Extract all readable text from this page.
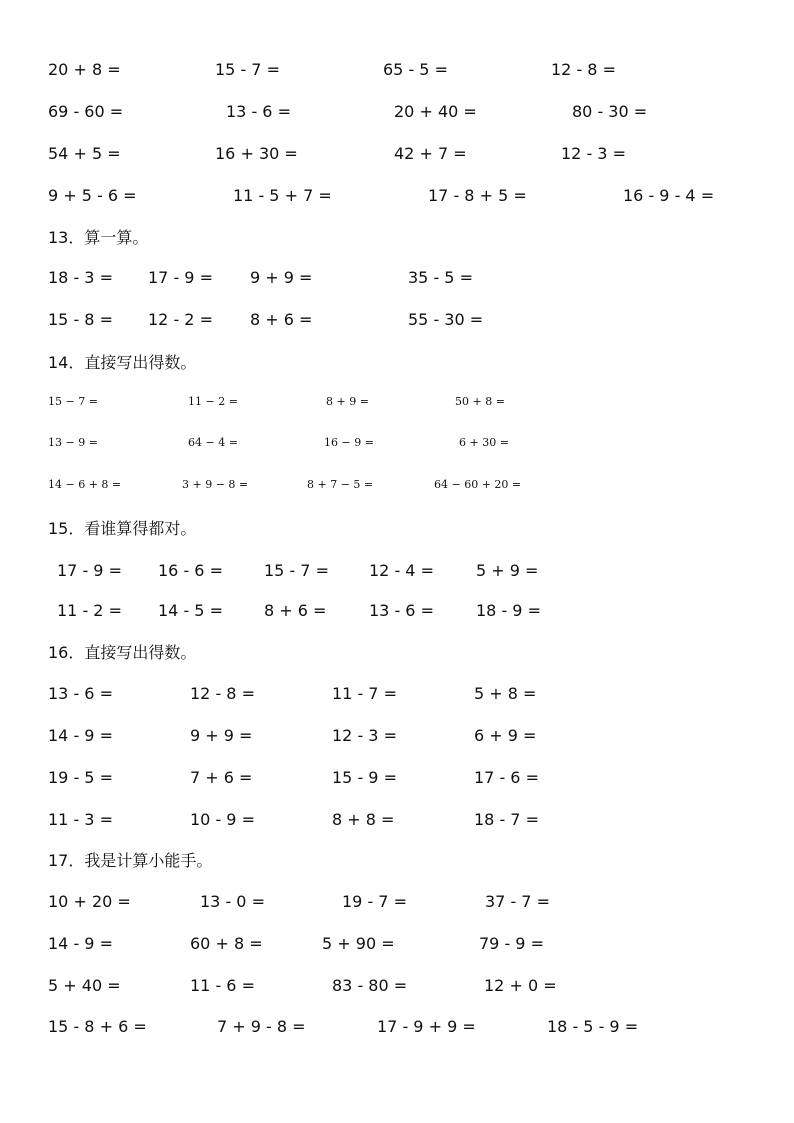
20 + 8 =	15 - 7 =	65 - 5 =	12 - 8 =
69 - 60 =	13 - 6 =	20 + 40 =	80 - 30 =
54 + 5 =	16 + 30 =	42 + 7 =	12 - 3 =
9 + 5 - 6 =	11 - 5 + 7 =	17 - 8 + 5 =	16 - 9 - 4 =
13．算一算。
18 - 3 = 17 - 9 = 9 + 9 =	35 - 5 =
15 - 8 = 12 - 2 = 8 + 6 =	55 - 30 =
14．直接写出得数。
15 − 7 =	11 − 2 =	8 + 9 =	50 + 8 =
13 − 9 =	64 − 4 =	16 − 9 =	6 + 30 =
14 − 6 + 8 =	3 + 9 − 8 =	8 + 7 − 5 =	64 − 60 + 20 =
15．看谁算得都对。
17 - 9 = 16 - 6 =	15 - 7 =	12 - 4 =	5 + 9 =
11 - 2 = 14 - 5 =	8 + 6 =	13 - 6 =	18 - 9 =
16．直接写出得数。
13 - 6 =	12 - 8 =	11 - 7 =	5 + 8 =
14 - 9 =	9 + 9 =	12 - 3 =	6 + 9 =
19 - 5 =	7 + 6 =	15 - 9 =	17 - 6 =
11 - 3 =	10 - 9 =	8 + 8 =	18 - 7 =
17．我是计算小能手。
10 + 20 =	13 - 0 =	19 - 7 =	37 - 7 =
14 - 9 =	60 + 8 =	5 + 90 =	79 - 9 =
5 + 40 =	11 - 6 =	83 - 80 =	12 + 0 =
15 - 8 + 6 =	7 + 9 - 8 =	17 - 9 + 9 =	18 - 5 - 9 =
